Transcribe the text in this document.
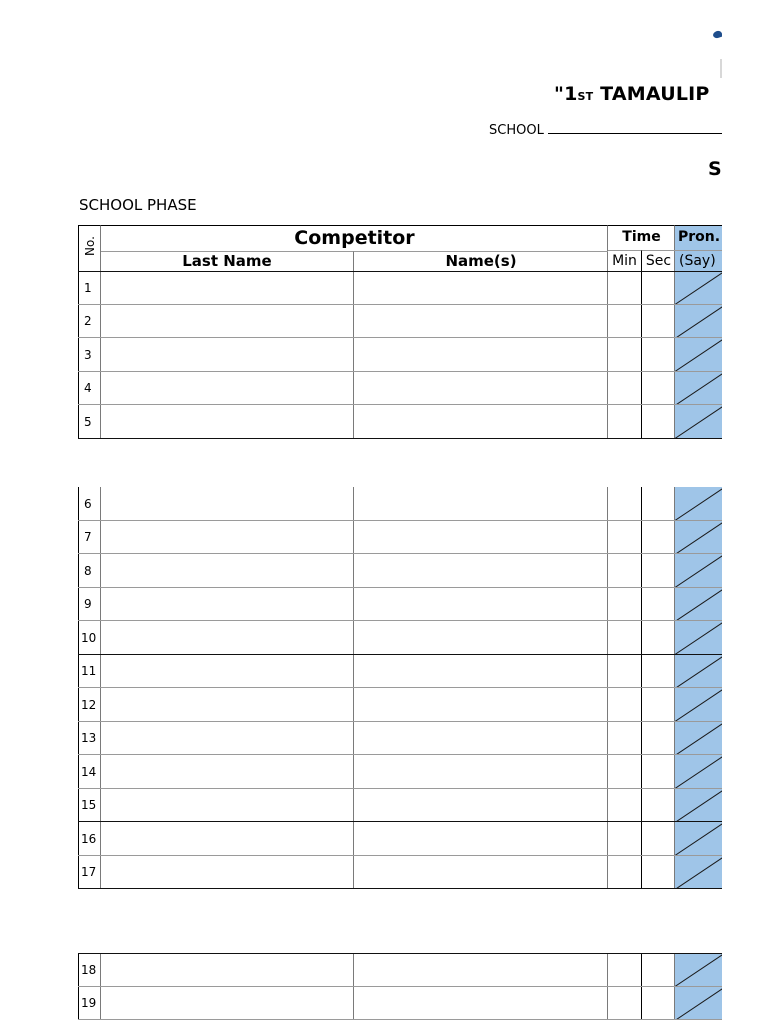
"1ST TAMAULIP
SCHOOL
S
SCHOOL PHASE
No.	Competitor
Last Name	Name(s)
Time
Min Sec
Pron.
(Say)
1
2
3
4
5
6
7
8
9
10
11
12
13
14
15
16
17
18
19
